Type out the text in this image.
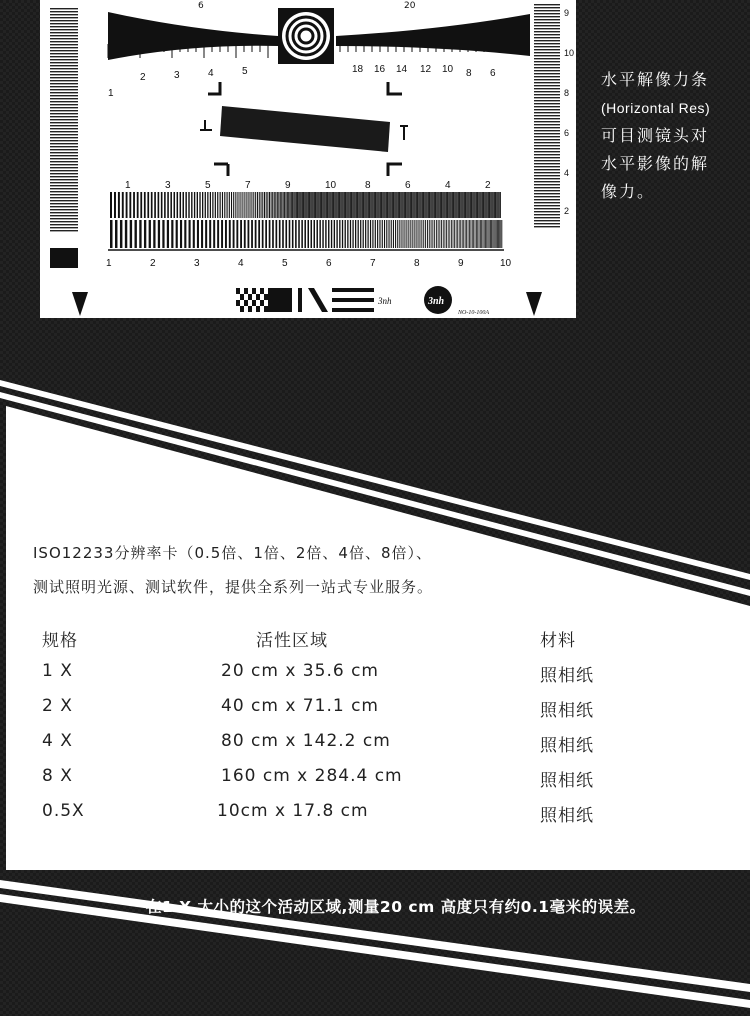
9
10
8
6
4
2
1
2	3	4	5	18 16 14 12 10 8 6
6	20
1	3	5	7	9	10	8	6	4	2
1	2	3	4	5	6	7	8	9	10
3nh	3nh
NO-10-100A
水平解像力条
(Horizontal Res)
可目测镜头对
水平影像的解
像力。
ISO12233分辨率卡（0.5倍、1倍、2倍、4倍、8倍）、
测试照明光源、测试软件，提供全系列一站式专业服务。
规格	活性区域	材料
1 X	20 cm x 35.6 cm	照相纸
2 X	40 cm x 71.1 cm	照相纸
4 X	80 cm x 142.2 cm	照相纸
8 X	160 cm x 284.4 cm	照相纸
0.5X	10cm x 17.8 cm	照相纸
在1 X 大小的这个活动区域,测量20 cm 高度只有约0.1毫米的误差。
